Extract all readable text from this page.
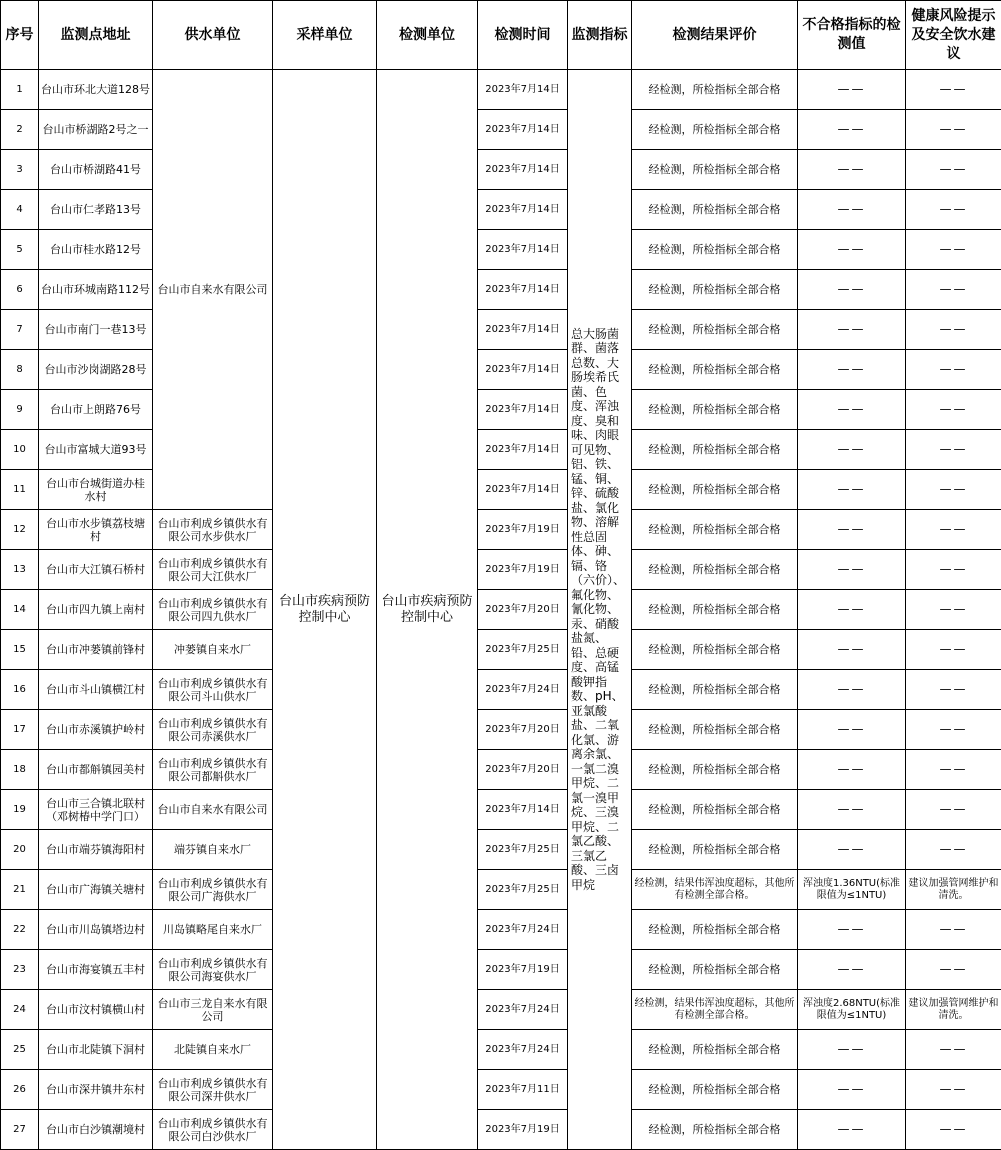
序号	监测点地址	供水单位	采样单位	检测单位	检测时间	监测指标	检测结果评价	不合格指标的检测值	健康风险提示及安全饮水建议
1	台山市环北大道128号	台山市自来水有限公司	台山市疾病预防控制中心	台山市疾病预防控制中心	2023年7月14日	总大肠菌群、菌落总数、大肠埃希氏菌、色度、浑浊度、臭和味、肉眼可见物、铝、铁、锰、铜、锌、硫酸盐、氯化物、溶解性总固体、砷、镉、铬（六价）、氟化物、氰化物、汞、硝酸盐氮、铅、总硬度、高锰酸钾指数、pH、亚氯酸盐、二氧化氯、游离余氯、一氯二溴甲烷、二氯一溴甲烷、三溴甲烷、二氯乙酸、三氯乙酸、三卤甲烷	经检测，所检指标全部合格	——	——
2	台山市桥湖路2号之一				2023年7月14日		经检测，所检指标全部合格	——	——
3	台山市桥湖路41号				2023年7月14日		经检测，所检指标全部合格	——	——
4	台山市仁孝路13号				2023年7月14日		经检测，所检指标全部合格	——	——
5	台山市桂水路12号				2023年7月14日		经检测，所检指标全部合格	——	——
6	台山市环城南路112号				2023年7月14日		经检测，所检指标全部合格	——	——
7	台山市南门一巷13号				2023年7月14日		经检测，所检指标全部合格	——	——
8	台山市沙岗湖路28号				2023年7月14日		经检测，所检指标全部合格	——	——
9	台山市上朗路76号				2023年7月14日		经检测，所检指标全部合格	——	——
10	台山市富城大道93号				2023年7月14日		经检测，所检指标全部合格	——	——
11	台山市台城街道办桂水村				2023年7月14日		经检测，所检指标全部合格	——	——
12	台山市水步镇荔枝塘村	台山市利成乡镇供水有限公司水步供水厂			2023年7月19日		经检测，所检指标全部合格	——	——
13	台山市大江镇石桥村	台山市利成乡镇供水有限公司大江供水厂			2023年7月19日		经检测，所检指标全部合格	——	——
14	台山市四九镇上南村	台山市利成乡镇供水有限公司四九供水厂			2023年7月20日		经检测，所检指标全部合格	——	——
15	台山市冲蒌镇前锋村	冲蒌镇自来水厂			2023年7月25日		经检测，所检指标全部合格	——	——
16	台山市斗山镇横江村	台山市利成乡镇供水有限公司斗山供水厂			2023年7月24日		经检测，所检指标全部合格	——	——
17	台山市赤溪镇护岭村	台山市利成乡镇供水有限公司赤溪供水厂			2023年7月20日		经检测，所检指标全部合格	——	——
18	台山市都斛镇园美村	台山市利成乡镇供水有限公司都斛供水厂			2023年7月20日		经检测，所检指标全部合格	——	——
19	台山市三合镇北联村（邓树椿中学门口）	台山市自来水有限公司			2023年7月14日		经检测，所检指标全部合格	——	——
20	台山市端芬镇海阳村	端芬镇自来水厂			2023年7月25日		经检测，所检指标全部合格	——	——
21	台山市广海镇关塘村	台山市利成乡镇供水有限公司广海供水厂			2023年7月25日		经检测，结果伟浑浊度超标，其他所有检测全部合格。	浑浊度1.36NTU(标准限值为≤1NTU)	建议加强管网维护和清洗。
22	台山市川岛镇塔边村	川岛镇略尾自来水厂			2023年7月24日		经检测，所检指标全部合格	——	——
23	台山市海宴镇五丰村	台山市利成乡镇供水有限公司海宴供水厂			2023年7月19日		经检测，所检指标全部合格	——	——
24	台山市汶村镇横山村	台山市三龙自来水有限公司			2023年7月24日		经检测，结果伟浑浊度超标，其他所有检测全部合格。	浑浊度2.68NTU(标准限值为≤1NTU)	建议加强管网维护和清洗。
25	台山市北陡镇下洞村	北陡镇自来水厂			2023年7月24日		经检测，所检指标全部合格	——	——
26	台山市深井镇井东村	台山市利成乡镇供水有限公司深井供水厂			2023年7月11日		经检测，所检指标全部合格	——	——
27	台山市白沙镇潮境村	台山市利成乡镇供水有限公司白沙供水厂			2023年7月19日		经检测，所检指标全部合格	——	——
